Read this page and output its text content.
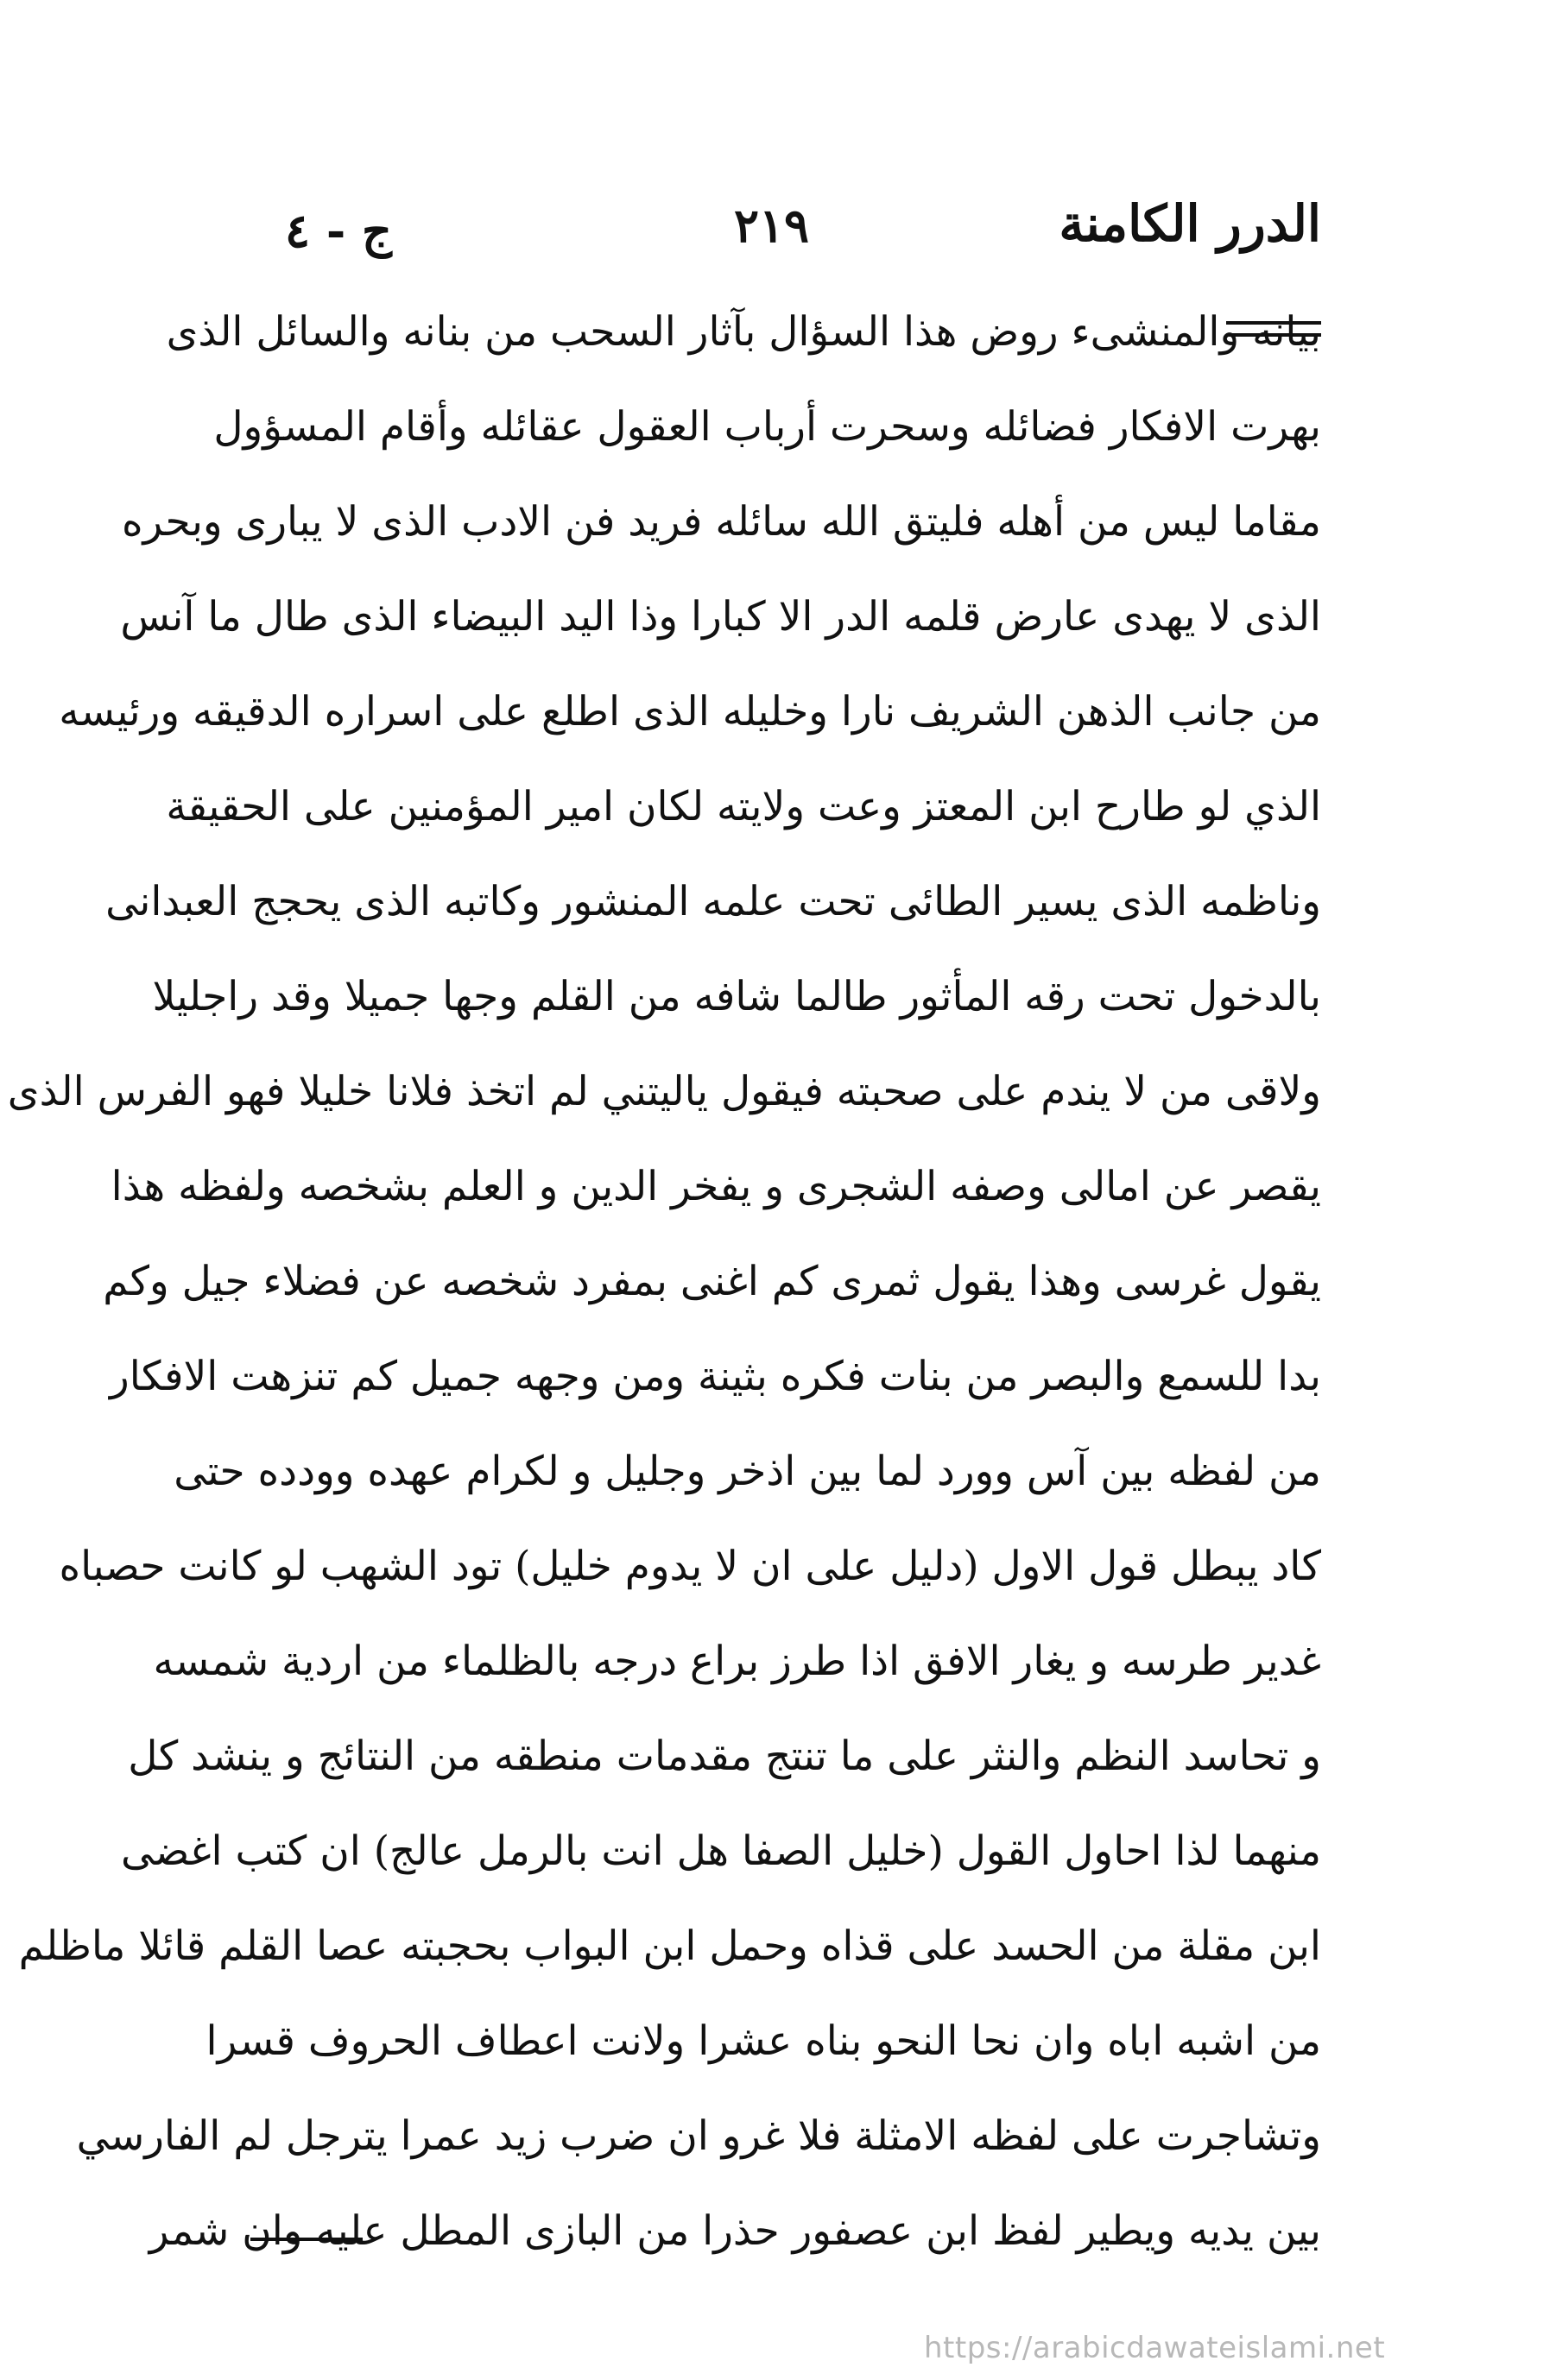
الدرر الكامنة
٢١٩
ج - ٤
بيانه والمنشىء روض هذا السؤال بآثار السحب من بنانه والسائل الذى
بهرت الافكار فضائله وسحرت أرباب العقول عقائله وأقام المسؤول
مقاما ليس من أهله فليتق الله سائله فريد فن الادب الذى لا يبارى وبحره
الذى لا يهدى عارض قلمه الدر الا كبارا وذا اليد البيضاء الذى طال ما آنس
من جانب الذهن الشريف نارا وخليله الذى اطلع على اسراره الدقيقه ورئيسه
الذي لو طارح ابن المعتز وعت ولايته لكان امير المؤمنين على الحقيقة
وناظمه الذى يسير الطائى تحت علمه المنشور وكاتبه الذى يحجج العبدانى
بالدخول تحت رقه المأثور طالما شافه من القلم وجها جميلا وقد راجليلا
ولاقى من لا يندم على صحبته فيقول ياليتني لم اتخذ فلانا خليلا فهو الفرس الذى
يقصر عن امالى وصفه الشجرى و يفخر الدين و العلم بشخصه ولفظه هذا
يقول غرسى وهذا يقول ثمرى كم اغنى بمفرد شخصه عن فضلاء جيل وكم
بدا للسمع والبصر من بنات فكره بثينة ومن وجهه جميل كم تنزهت الافكار
من لفظه بين آس وورد لما بين اذخر وجليل و لكرام عهده وودده حتى
كاد يبطل قول الاول (دليل على ان لا يدوم خليل) تود الشهب لو كانت حصباه
غدير طرسه و يغار الافق اذا طرز براع درجه بالظلماء من اردية شمسه
و تحاسد النظم والنثر على ما تنتج مقدمات منطقه من النتائج و ينشد كل
منهما لذا احاول القول (خليل الصفا هل انت بالرمل عالج) ان كتب اغضى
ابن مقلة من الحسد على قذاه وحمل ابن البواب بحجبته عصا القلم قائلا ماظلم
من اشبه اباه وان نحا النحو بناه عشرا ولانت اعطاف الحروف قسرا
وتشاجرت على لفظه الامثلة فلا غرو ان ضرب زيد عمرا يترجل لم الفارسي
بين يديه ويطير لفظ ابن عصفور حذرا من البازى المطل عليه وان شمر
https://arabicdawateislami.net
